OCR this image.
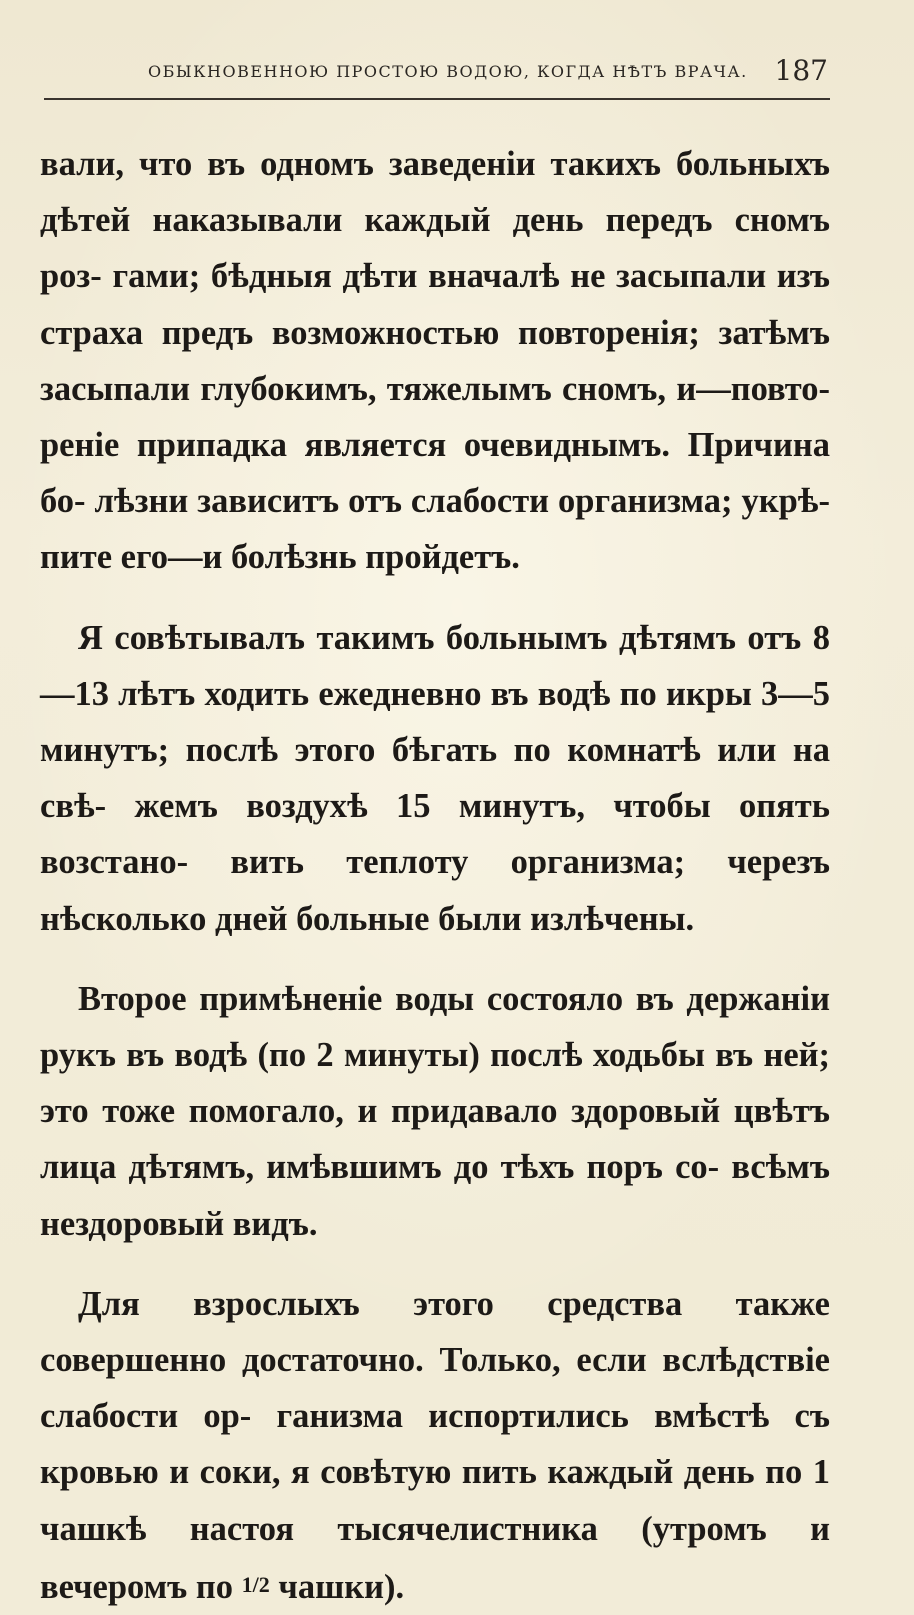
ОБЫКНОВЕННОЮ ПРОСТОЮ ВОДОЮ, КОГДА НѢТЪ ВРАЧА. 187

вали, что въ одномъ заведенiи такихъ больныхъ дѣтей наказывали каждый день передъ сномъ роз- гами; бѣдныя дѣти вначалѣ не засыпали изъ страха предъ возможностью повторенiя; затѣмъ засыпали глубокимъ, тяжелымъ сномъ, и—повто- ренiе припадка является очевиднымъ. Причина бо- лѣзни зависитъ отъ слабости организма; укрѣ- пите его—и болѣзнь пройдетъ.

Я совѣтывалъ такимъ больнымъ дѣтямъ отъ 8—13 лѣтъ ходить ежедневно въ водѣ по икры 3—5 минутъ; послѣ этого бѣгать по комнатѣ или на свѣ- жемъ воздухѣ 15 минутъ, чтобы опять возстано- вить теплоту организма; черезъ нѣсколько дней больные были излѣчены.

Второе примѣненiе воды состояло въ держанiи рукъ въ водѣ (по 2 минуты) послѣ ходьбы въ ней; это тоже помогало, и придавало здоровый цвѣтъ лица дѣтямъ, имѣвшимъ до тѣхъ поръ со- всѣмъ нездоровый видъ.

Для взрослыхъ этого средства также совершенно достаточно. Только, если вслѣдствiе слабости ор- ганизма испортились вмѣстѣ съ кровью и соки, я совѣтую пить каждый день по 1 чашкѣ настоя тысячелистника (утромъ и вечеромъ по 1/2 чашки).
